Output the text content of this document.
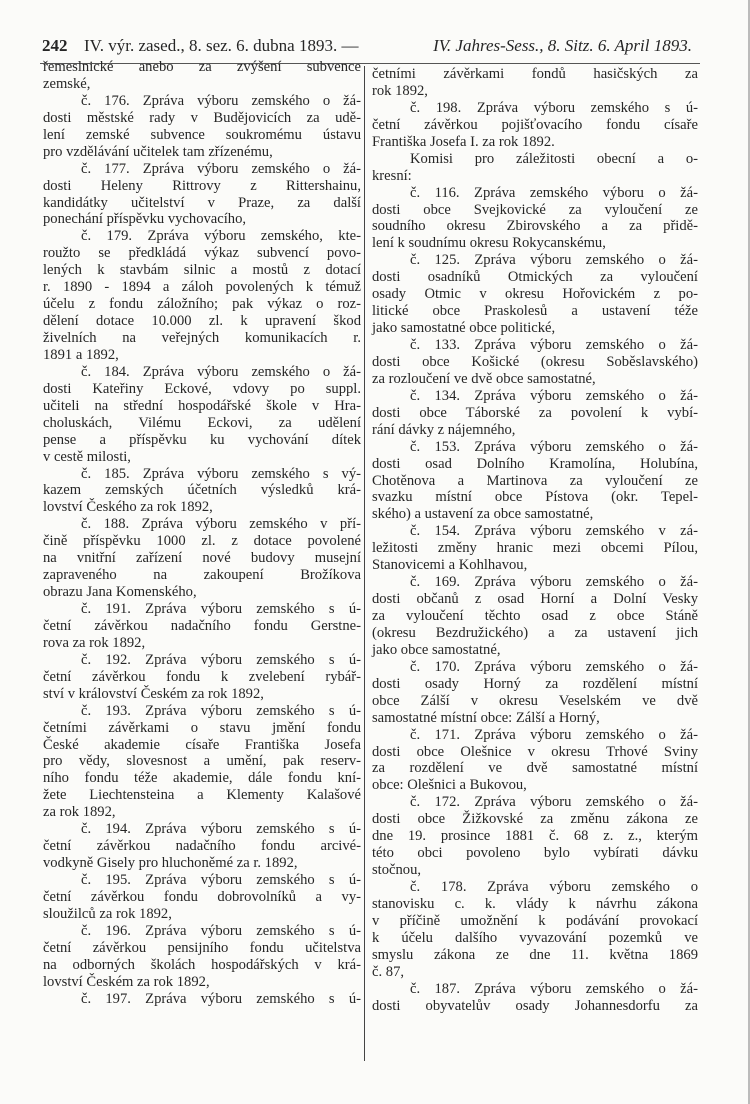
242 IV. výr. zased., 8. sez. 6. dubna 1893. —	IV. Jahres-Sess., 8. Sitz. 6. April 1893.
řemeslnické anebo za zvýšení subvence
zemské,
č. 176. Zpráva výboru zemského o žá-
dosti městské rady v Budějovicích za udě-
lení zemské subvence soukromému ústavu
pro vzdělávání učitelek tam zřízenému,
č. 177. Zpráva výboru zemského o žá-
dosti Heleny Rittrovy z Rittershainu,
kandidátky učitelství v Praze, za další
ponechání příspěvku vychovacího,
č. 179. Zpráva výboru zemského, kte-
roužto se předkládá výkaz subvencí povo-
lených k stavbám silnic a mostů z dotací
r. 1890 - 1894 a záloh povolených k témuž
účelu z fondu záložního; pak výkaz o roz-
dělení dotace 10.000 zl. k upravení škod
živelních na veřejných komunikacích r.
1891 a 1892,
č. 184. Zpráva výboru zemského o žá-
dosti Kateřiny Eckové, vdovy po suppl.
učiteli na střední hospodářské škole v Hra-
choluskách, Vilému Eckovi, za udělení
pense a příspěvku ku vychování dítek
v cestě milosti,
č. 185. Zpráva výboru zemského s vý-
kazem zemských účetních výsledků krá-
lovství Českého za rok 1892,
č. 188. Zpráva výboru zemského v pří-
čině příspěvku 1000 zl. z dotace povolené
na vnitřní zařízení nové budovy musejní
zapraveného na zakoupení Brožíkova
obrazu Jana Komenského,
č. 191. Zpráva výboru zemského s ú-
četní závěrkou nadačního fondu Gerstne-
rova za rok 1892,
č. 192. Zpráva výboru zemského s ú-
četní závěrkou fondu k zvelebení rybář-
ství v království Českém za rok 1892,
č. 193. Zpráva výboru zemského s ú-
četními závěrkami o stavu jmění fondu
České akademie císaře Františka Josefa
pro vědy, slovesnost a umění, pak reserv-
ního fondu téže akademie, dále fondu kní-
žete Liechtensteina a Klementy Kalašové
za rok 1892,
č. 194. Zpráva výboru zemského s ú-
četní závěrkou nadačního fondu arcivé-
vodkyně Gisely pro hluchoněmé za r. 1892,
č. 195. Zpráva výboru zemského s ú-
četní závěrkou fondu dobrovolníků a vy-
sloužilců za rok 1892,
č. 196. Zpráva výboru zemského s ú-
četní závěrkou pensijního fondu učitelstva
na odborných školách hospodářských v krá-
lovství Českém za rok 1892,
č. 197. Zpráva výboru zemského s ú-
četními závěrkami fondů hasičských za
rok 1892,
č. 198. Zpráva výboru zemského s ú-
četní závěrkou pojišťovacího fondu císaře
Františka Josefa I. za rok 1892.
Komisi pro záležitosti obecní a o-
kresní:
č. 116. Zpráva zemského výboru o žá-
dosti obce Svejkovické za vyloučení ze
soudního okresu Zbirovského a za přidě-
lení k soudnímu okresu Rokycanskému,
č. 125. Zpráva výboru zemského o žá-
dosti osadníků Otmických za vyloučení
osady Otmic v okresu Hořovickém z po-
litické obce Praskolesů a ustavení téže
jako samostatné obce politické,
č. 133. Zpráva výboru zemského o žá-
dosti obce Košické (okresu Soběslavského)
za rozloučení ve dvě obce samostatné,
č. 134. Zpráva výboru zemského o žá-
dosti obce Táborské za povolení k vybí-
rání dávky z nájemného,
č. 153. Zpráva výboru zemského o žá-
dosti osad Dolního Kramolína, Holubína,
Chotěnova a Martinova za vyloučení ze
svazku místní obce Pístova (okr. Tepel-
ského) a ustavení za obce samostatné,
č. 154. Zpráva výboru zemského v zá-
ležitosti změny hranic mezi obcemi Pílou,
Stanovicemi a Kohlhavou,
č. 169. Zpráva výboru zemského o žá-
dosti občanů z osad Horní a Dolní Vesky
za vyloučení těchto osad z obce Stáně
(okresu Bezdružického) a za ustavení jich
jako obce samostatné,
č. 170. Zpráva výboru zemského o žá-
dosti osady Horný za rozdělení místní
obce Zálší v okresu Veselském ve dvě
samostatné místní obce: Zálší a Horný,
č. 171. Zpráva výboru zemského o žá-
dosti obce Olešnice v okresu Trhové Sviny
za rozdělení ve dvě samostatné místní
obce: Olešnici a Bukovou,
č. 172. Zpráva výboru zemského o žá-
dosti obce Žižkovské za změnu zákona ze
dne 19. prosince 1881 č. 68 z. z., kterým
této obci povoleno bylo vybírati dávku
stočnou,
č. 178. Zpráva výboru zemského o
stanovisku c. k. vlády k návrhu zákona
v příčině umožnění k podávání provokací
k účelu dalšího vyvazování pozemků ve
smyslu zákona ze dne 11. května 1869
č. 87,
č. 187. Zpráva výboru zemského o žá-
dosti obyvatelův osady Johannesdorfu za
